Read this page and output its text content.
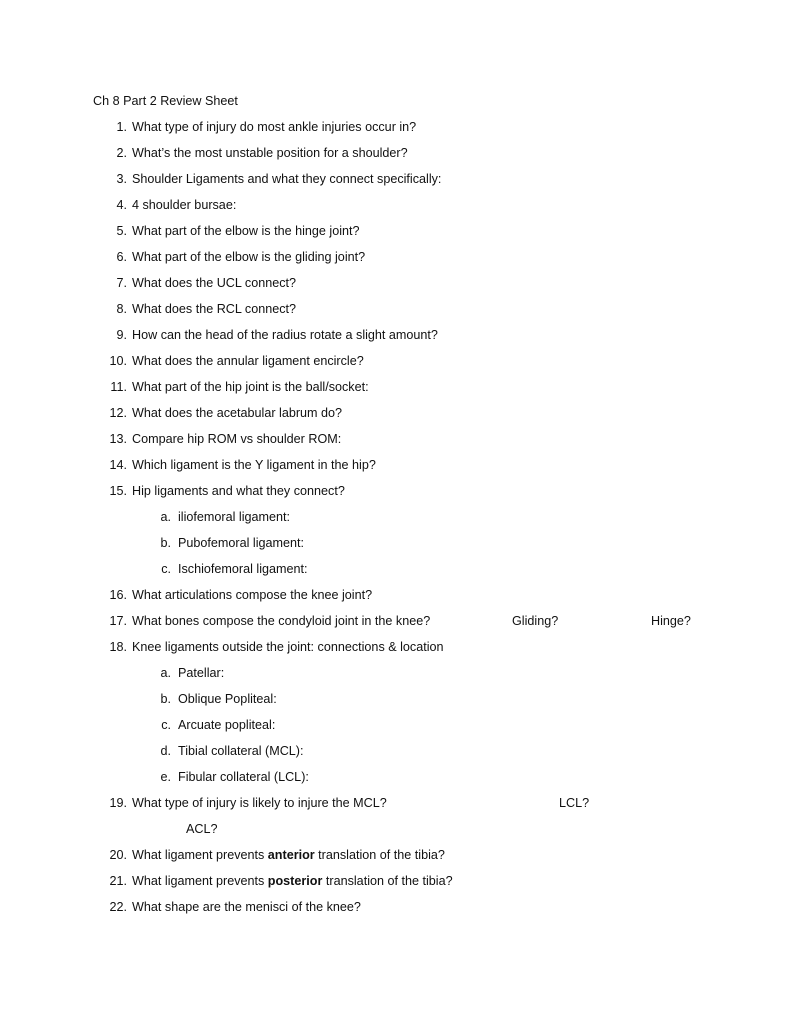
Ch 8 Part 2 Review Sheet
1. What type of injury do most ankle injuries occur in?
2. What’s the most unstable position for a shoulder?
3. Shoulder Ligaments and what they connect specifically:
4. 4 shoulder bursae:
5. What part of the elbow is the hinge joint?
6. What part of the elbow is the gliding joint?
7. What does the UCL connect?
8. What does the RCL connect?
9. How can the head of the radius rotate a slight amount?
10. What does the annular ligament encircle?
11. What part of the hip joint is the ball/socket:
12. What does the acetabular labrum do?
13. Compare hip ROM vs shoulder ROM:
14. Which ligament is the Y ligament in the hip?
15. Hip ligaments and what they connect?
a. iliofemoral ligament:
b. Pubofemoral ligament:
c. Ischiofemoral ligament:
16. What articulations compose the knee joint?
17. What bones compose the condyloid joint in the knee?	Gliding?	Hinge?
18. Knee ligaments outside the joint: connections & location
a. Patellar:
b. Oblique Popliteal:
c. Arcuate popliteal:
d. Tibial collateral (MCL):
e. Fibular collateral (LCL):
19. What type of injury is likely to injure the MCL?	LCL?
ACL?
20. What ligament prevents anterior translation of the tibia?
21. What ligament prevents posterior translation of the tibia?
22. What shape are the menisci of the knee?
